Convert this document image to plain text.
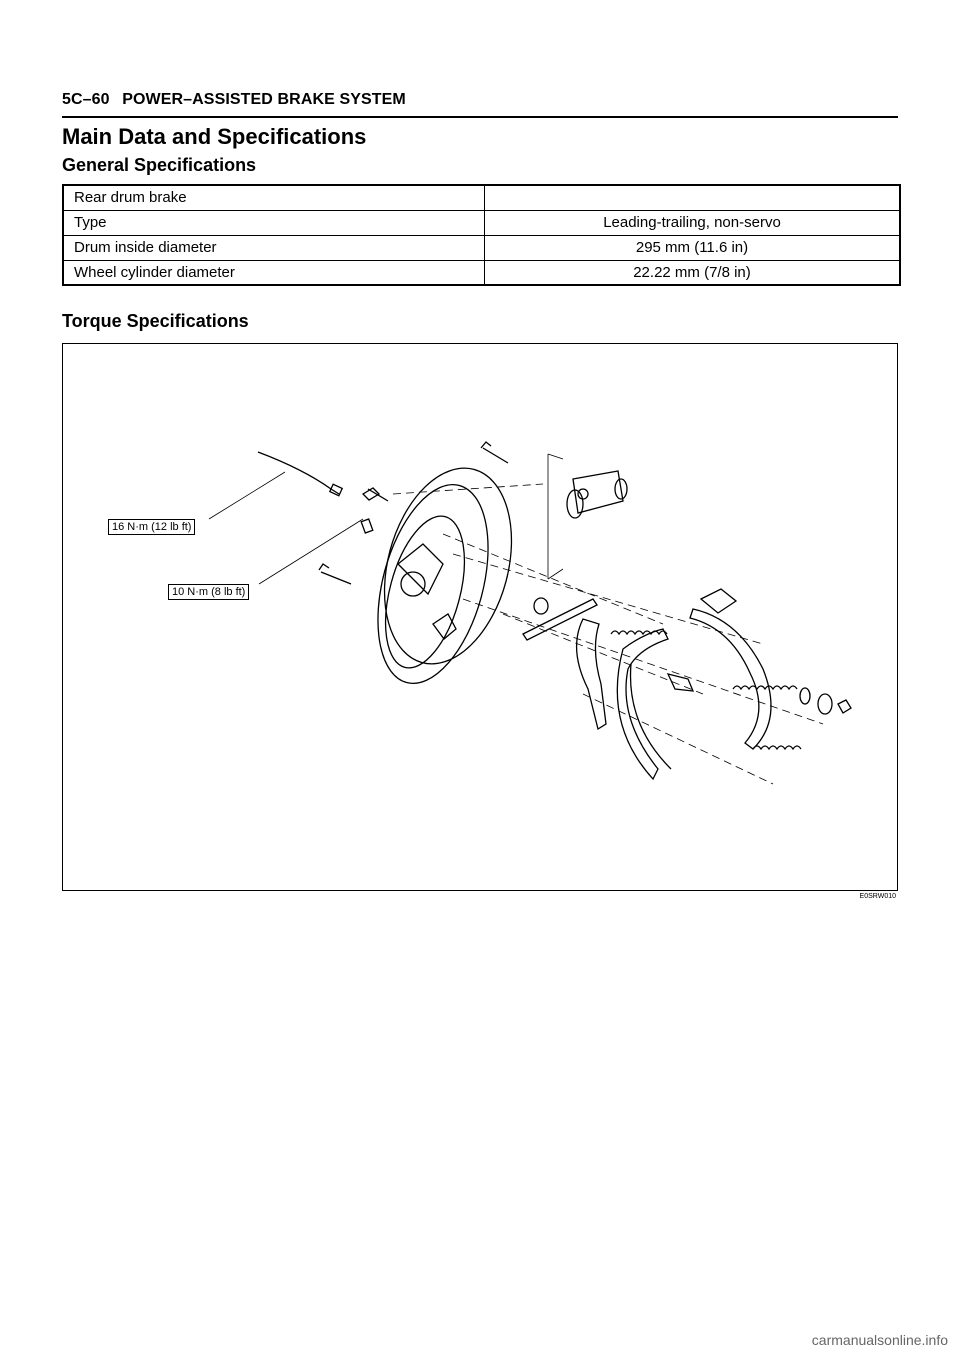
5C–60 POWER–ASSISTED BRAKE SYSTEM
Main Data and Specifications
General Specifications
Rear drum brake	
Type	Leading-trailing, non-servo
Drum inside diameter	295 mm (11.6 in)
Wheel cylinder diameter	22.22 mm (7/8 in)
Torque Specifications
16 N·m (12 lb ft)
10 N·m (8 lb ft)
E0SRW010
carmanualsonline.info
